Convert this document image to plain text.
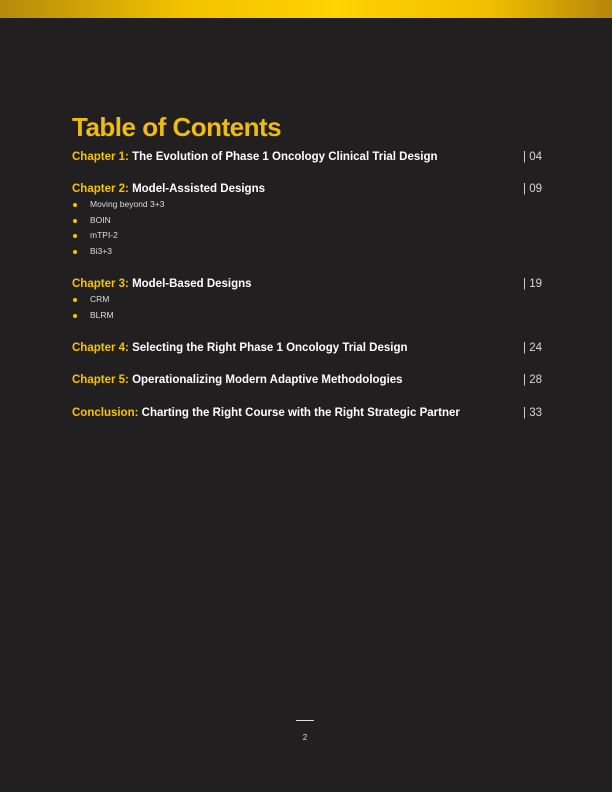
Table of Contents
Chapter 1: The Evolution of Phase 1 Oncology Clinical Trial Design	| 04
Chapter 2: Model-Assisted Designs	| 09
Moving beyond 3+3
BOIN
mTPI-2
Bi3+3
Chapter 3: Model-Based Designs	| 19
CRM
BLRM
Chapter 4: Selecting the Right Phase 1 Oncology Trial Design	| 24
Chapter 5: Operationalizing Modern Adaptive Methodologies	| 28
Conclusion: Charting the Right Course with the Right Strategic Partner	| 33
2
